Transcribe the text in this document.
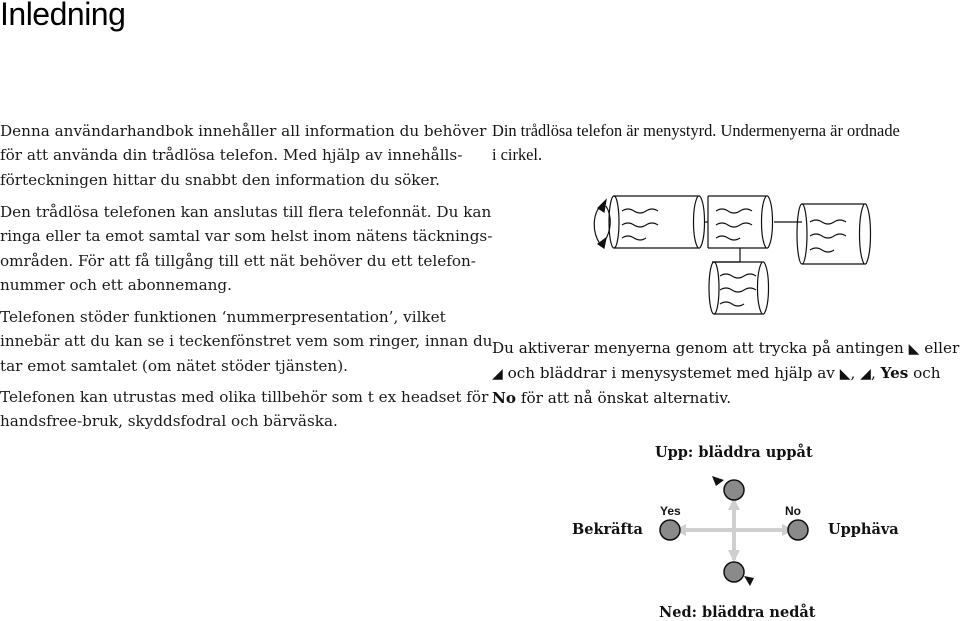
Inledning

Denna användarhandbok innehåller all information du behöver
för att använda din trådlösa telefon. Med hjälp av innehålls-
förteckningen hittar du snabbt den information du söker.

Den trådlösa telefonen kan anslutas till flera telefonnät. Du kan
ringa eller ta emot samtal var som helst inom nätens täcknings-
områden. För att få tillgång till ett nät behöver du ett telefon-
nummer och ett abonnemang.

Telefonen stöder funktionen ‘nummerpresentation’, vilket
innebär att du kan se i teckenfönstret vem som ringer, innan du
tar emot samtalet (om nätet stöder tjänsten).

Telefonen kan utrustas med olika tillbehör som t ex headset för
handsfree-bruk, skyddsfodral och bärväska.

Din trådlösa telefon är menystyrd. Undermenyerna är ordnade
i cirkel.

Du aktiverar menyerna genom att trycka på antingen ◣ eller
◢ och bläddrar i menysystemet med hjälp av ◣, ◢, Yes och
No för att nå önskat alternativ.

Upp: bläddra uppåt
Bekräfta	Upphäva
Ned: bläddra nedåt
Yes	No
